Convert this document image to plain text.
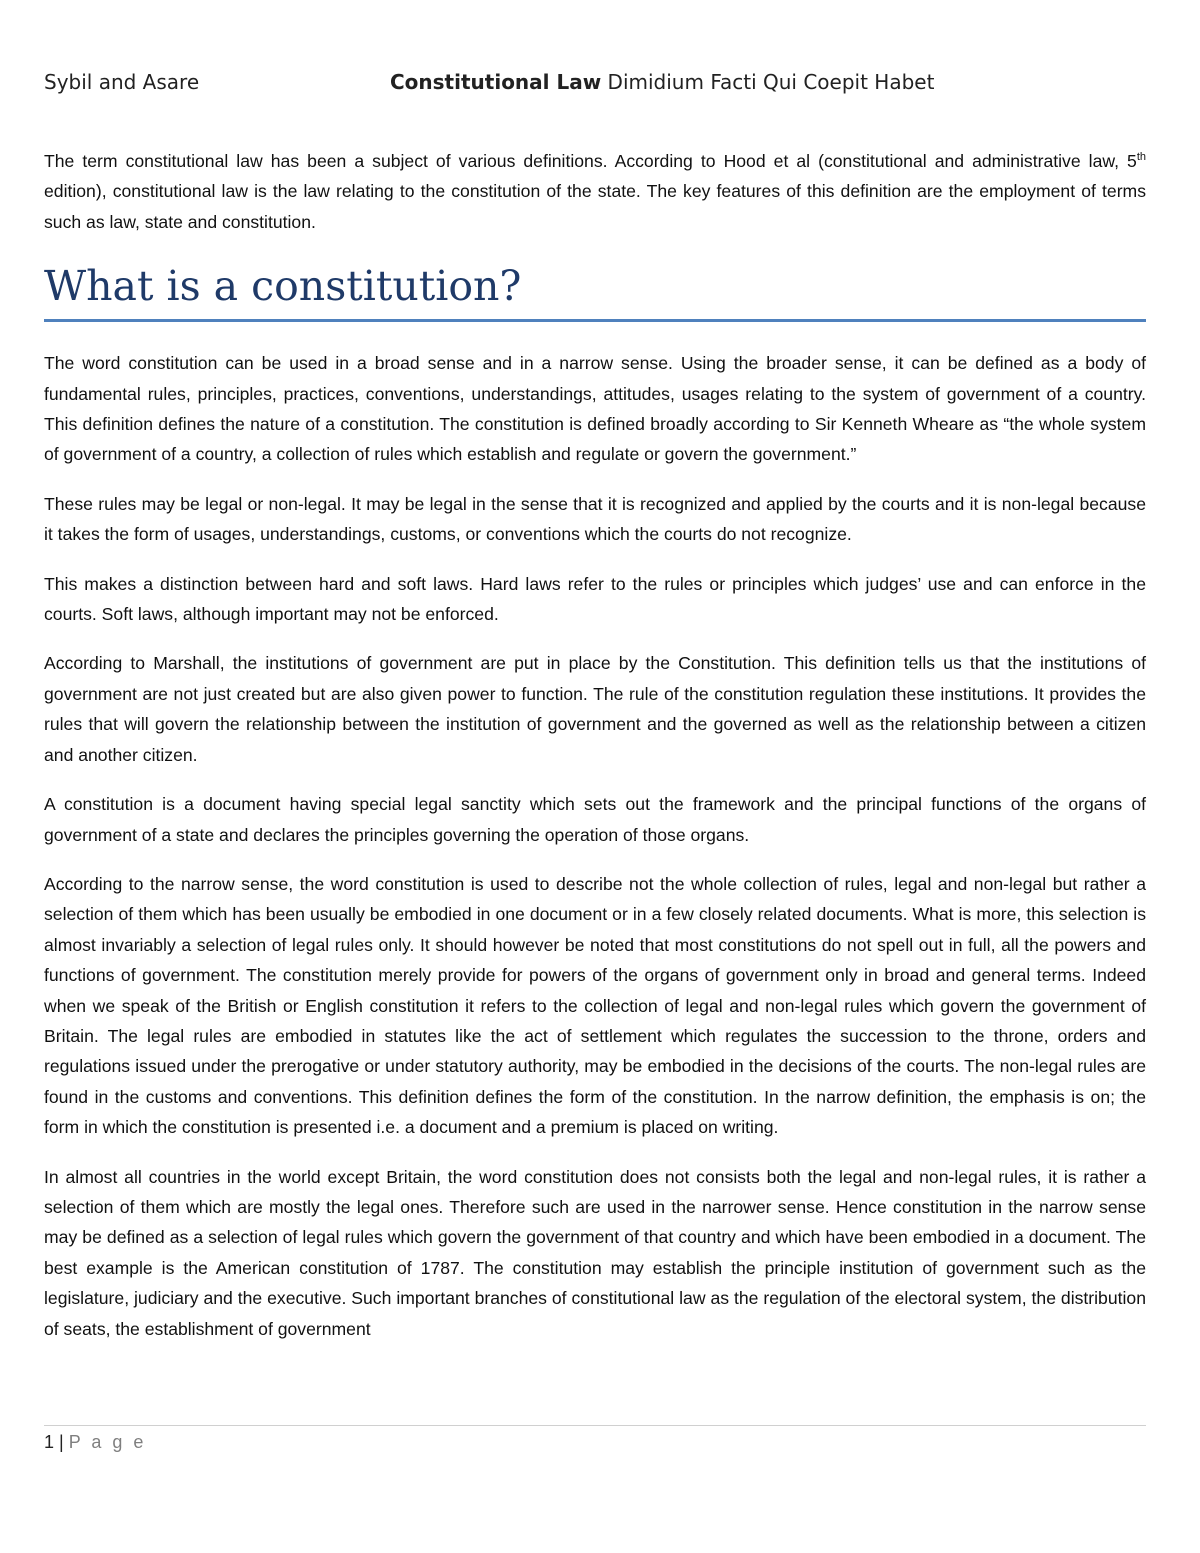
Sybil and Asare	Constitutional Law Dimidium Facti Qui Coepit Habet

The term constitutional law has been a subject of various definitions. According to Hood et al (constitutional and administrative law, 5th edition), constitutional law is the law relating to the constitution of the state. The key features of this definition are the employment of terms such as law, state and constitution.

What is a constitution?

The word constitution can be used in a broad sense and in a narrow sense. Using the broader sense, it can be defined as a body of fundamental rules, principles, practices, conventions, understandings, attitudes, usages relating to the system of government of a country. This definition defines the nature of a constitution. The constitution is defined broadly according to Sir Kenneth Wheare as “the whole system of government of a country, a collection of rules which establish and regulate or govern the government.”

These rules may be legal or non-legal. It may be legal in the sense that it is recognized and applied by the courts and it is non-legal because it takes the form of usages, understandings, customs, or conventions which the courts do not recognize.

This makes a distinction between hard and soft laws. Hard laws refer to the rules or principles which judges’ use and can enforce in the courts. Soft laws, although important may not be enforced.

According to Marshall, the institutions of government are put in place by the Constitution. This definition tells us that the institutions of government are not just created but are also given power to function. The rule of the constitution regulation these institutions. It provides the rules that will govern the relationship between the institution of government and the governed as well as the relationship between a citizen and another citizen.

A constitution is a document having special legal sanctity which sets out the framework and the principal functions of the organs of government of a state and declares the principles governing the operation of those organs.

According to the narrow sense, the word constitution is used to describe not the whole collection of rules, legal and non-legal but rather a selection of them which has been usually be embodied in one document or in a few closely related documents. What is more, this selection is almost invariably a selection of legal rules only. It should however be noted that most constitutions do not spell out in full, all the powers and functions of government. The constitution merely provide for powers of the organs of government only in broad and general terms. Indeed when we speak of the British or English constitution it refers to the collection of legal and non-legal rules which govern the government of Britain. The legal rules are embodied in statutes like the act of settlement which regulates the succession to the throne, orders and regulations issued under the prerogative or under statutory authority, may be embodied in the decisions of the courts. The non-legal rules are found in the customs and conventions. This definition defines the form of the constitution. In the narrow definition, the emphasis is on; the form in which the constitution is presented i.e. a document and a premium is placed on writing.

In almost all countries in the world except Britain, the word constitution does not consists both the legal and non-legal rules, it is rather a selection of them which are mostly the legal ones. Therefore such are used in the narrower sense. Hence constitution in the narrow sense may be defined as a selection of legal rules which govern the government of that country and which have been embodied in a document. The best example is the American constitution of 1787. The constitution may establish the principle institution of government such as the legislature, judiciary and the executive. Such important branches of constitutional law as the regulation of the electoral system, the distribution of seats, the establishment of government

1 | P a g e
